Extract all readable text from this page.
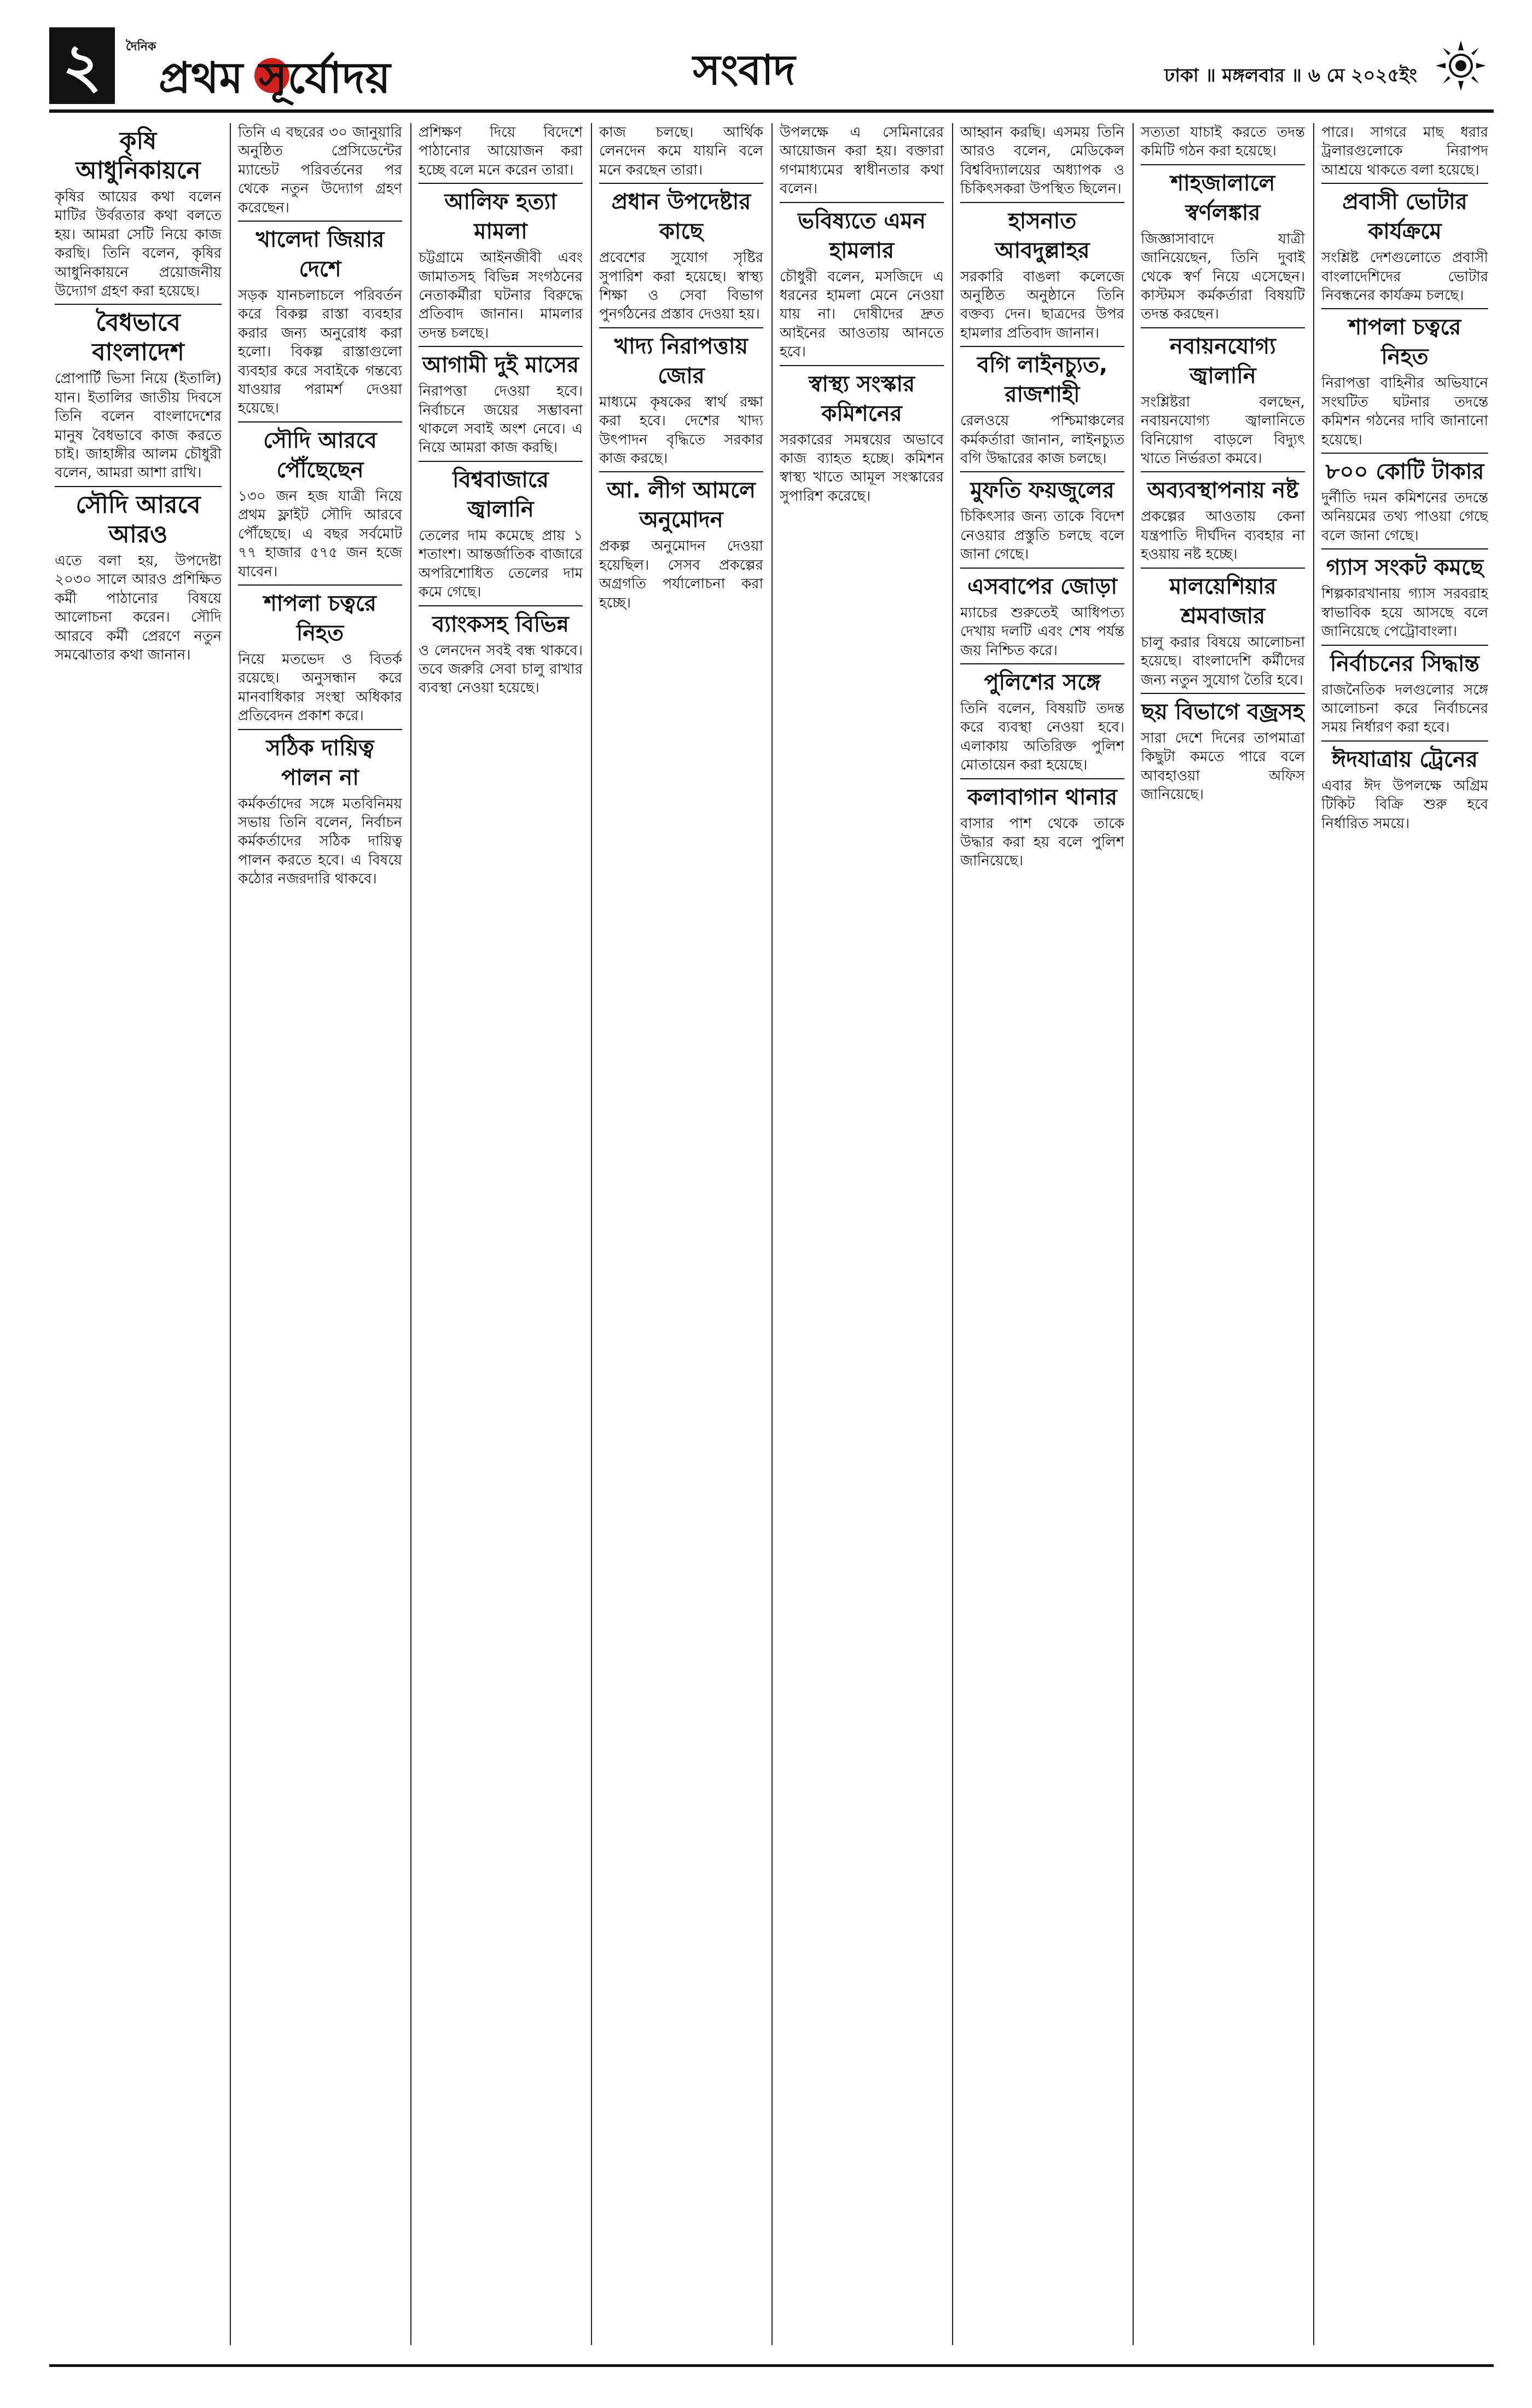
২	দৈনিক
প্রথম সূর্যোদয়	সংবাদ	ঢাকা ॥ মঙ্গলবার ॥ ৬ মে ২০২৫ইং
কৃষি আধুনিকায়নে

কৃষির আয়ের কথা বলেন মাটির উর্বরতার কথা বলতে হয়। আমরা সেটি নিয়ে কাজ করছি। তিনি বলেন, কৃষির আধুনিকায়নে প্রয়োজনীয় উদ্যোগ গ্রহণ করা হয়েছে।

বৈধভাবে বাংলাদেশ

প্রোপার্টি ভিসা নিয়ে (ইতালি) যান। ইতালির জাতীয় দিবসে তিনি বলেন বাংলাদেশের মানুষ বৈধভাবে কাজ করতে চাই। জাহাঙ্গীর আলম চৌধুরী বলেন, আমরা আশা রাখি।

সৌদি আরবে আরও

এতে বলা হয়, উপদেষ্টা ২০৩০ সালে আরও প্রশিক্ষিত কর্মী পাঠানোর বিষয়ে আলোচনা করেন। সৌদি আরবে কর্মী প্রেরণে নতুন সমঝোতার কথা জানান।

তিনি এ বছরের ৩০ জানুয়ারি অনুষ্ঠিত প্রেসিডেন্টের ম্যান্ডেট পরিবর্তনের পর থেকে নতুন উদ্যোগ গ্রহণ করেছেন।

খালেদা জিয়ার দেশে

সড়ক যানচলাচলে পরিবর্তন করে বিকল্প রাস্তা ব্যবহার করার জন্য অনুরোধ করা হলো। বিকল্প রাস্তাগুলো ব্যবহার করে সবাইকে গন্তব্যে যাওয়ার পরামর্শ দেওয়া হয়েছে।

সৌদি আরবে পৌঁছেছেন

১৩০ জন হজ যাত্রী নিয়ে প্রথম ফ্লাইট সৌদি আরবে পৌঁছেছে। এ বছর সর্বমোট ৭৭ হাজার ৫৭৫ জন হজে যাবেন।

শাপলা চত্বরে নিহত

নিয়ে মতভেদ ও বিতর্ক রয়েছে। অনুসন্ধান করে মানবাধিকার সংস্থা অধিকার প্রতিবেদন প্রকাশ করে।

সঠিক দায়িত্ব পালন না

কর্মকর্তাদের সঙ্গে মতবিনিময় সভায় তিনি বলেন, নির্বাচন কর্মকর্তাদের সঠিক দায়িত্ব পালন করতে হবে। এ বিষয়ে কঠোর নজরদারি থাকবে।

প্রশিক্ষণ দিয়ে বিদেশে পাঠানোর আয়োজন করা হচ্ছে বলে মনে করেন তারা।

আলিফ হত্যা মামলা

চট্টগ্রামে আইনজীবী এবং জামাতসহ বিভিন্ন সংগঠনের নেতাকর্মীরা ঘটনার বিরুদ্ধে প্রতিবাদ জানান। মামলার তদন্ত চলছে।

আগামী দুই মাসের

নিরাপত্তা দেওয়া হবে। নির্বাচনে জয়ের সম্ভাবনা থাকলে সবাই অংশ নেবে। এ নিয়ে আমরা কাজ করছি।

বিশ্ববাজারে জ্বালানি

তেলের দাম কমেছে প্রায় ১ শতাংশ। আন্তর্জাতিক বাজারে অপরিশোধিত তেলের দাম কমে গেছে।

ব্যাংকসহ বিভিন্ন

ও লেনদেন সবই বন্ধ থাকবে। তবে জরুরি সেবা চালু রাখার ব্যবস্থা নেওয়া হয়েছে।

কাজ চলছে। আর্থিক লেনদেন কমে যায়নি বলে মনে করছেন তারা।

প্রধান উপদেষ্টার কাছে

প্রবেশের সুযোগ সৃষ্টির সুপারিশ করা হয়েছে। স্বাস্থ্য শিক্ষা ও সেবা বিভাগ পুনর্গঠনের প্রস্তাব দেওয়া হয়।

খাদ্য নিরাপত্তায় জোর

মাধ্যমে কৃষকের স্বার্থ রক্ষা করা হবে। দেশের খাদ্য উৎপাদন বৃদ্ধিতে সরকার কাজ করছে।

আ. লীগ আমলে অনুমোদন

প্রকল্প অনুমোদন দেওয়া হয়েছিল। সেসব প্রকল্পের অগ্রগতি পর্যালোচনা করা হচ্ছে।

উপলক্ষে এ সেমিনারের আয়োজন করা হয়। বক্তারা গণমাধ্যমের স্বাধীনতার কথা বলেন।

ভবিষ্যতে এমন হামলার

চৌধুরী বলেন, মসজিদে এ ধরনের হামলা মেনে নেওয়া যায় না। দোষীদের দ্রুত আইনের আওতায় আনতে হবে।

স্বাস্থ্য সংস্কার কমিশনের

সরকারের সমন্বয়ের অভাবে কাজ ব্যাহত হচ্ছে। কমিশন স্বাস্থ্য খাতে আমূল সংস্কারের সুপারিশ করেছে।

আহ্বান করছি। এসময় তিনি আরও বলেন, মেডিকেল বিশ্ববিদ্যালয়ের অধ্যাপক ও চিকিৎসকরা উপস্থিত ছিলেন।

হাসনাত আবদুল্লাহর

সরকারি বাঙলা কলেজে অনুষ্ঠিত অনুষ্ঠানে তিনি বক্তব্য দেন। ছাত্রদের উপর হামলার প্রতিবাদ জানান।

বগি লাইনচ্যুত, রাজশাহী

রেলওয়ে পশ্চিমাঞ্চলের কর্মকর্তারা জানান, লাইনচ্যুত বগি উদ্ধারের কাজ চলছে।

মুফতি ফয়জুলের

চিকিৎসার জন্য তাকে বিদেশ নেওয়ার প্রস্তুতি চলছে বলে জানা গেছে।

এসবাপের জোড়া

ম্যাচের শুরুতেই আধিপত্য দেখায় দলটি এবং শেষ পর্যন্ত জয় নিশ্চিত করে।

পুলিশের সঙ্গে

তিনি বলেন, বিষয়টি তদন্ত করে ব্যবস্থা নেওয়া হবে। এলাকায় অতিরিক্ত পুলিশ মোতায়েন করা হয়েছে।

কলাবাগান থানার

বাসার পাশ থেকে তাকে উদ্ধার করা হয় বলে পুলিশ জানিয়েছে।

সত্যতা যাচাই করতে তদন্ত কমিটি গঠন করা হয়েছে।

শাহজালালে স্বর্ণলঙ্কার

জিজ্ঞাসাবাদে যাত্রী জানিয়েছেন, তিনি দুবাই থেকে স্বর্ণ নিয়ে এসেছেন। কাস্টমস কর্মকর্তারা বিষয়টি তদন্ত করছেন।

নবায়নযোগ্য জ্বালানি

সংশ্লিষ্টরা বলছেন, নবায়নযোগ্য জ্বালানিতে বিনিয়োগ বাড়লে বিদ্যুৎ খাতে নির্ভরতা কমবে।

অব্যবস্থাপনায় নষ্ট

প্রকল্পের আওতায় কেনা যন্ত্রপাতি দীর্ঘদিন ব্যবহার না হওয়ায় নষ্ট হচ্ছে।

মালয়েশিয়ার শ্রমবাজার

চালু করার বিষয়ে আলোচনা হয়েছে। বাংলাদেশি কর্মীদের জন্য নতুন সুযোগ তৈরি হবে।

ছয় বিভাগে বজ্রসহ

সারা দেশে দিনের তাপমাত্রা কিছুটা কমতে পারে বলে আবহাওয়া অফিস জানিয়েছে।

পারে। সাগরে মাছ ধরার ট্রলারগুলোকে নিরাপদ আশ্রয়ে থাকতে বলা হয়েছে।

প্রবাসী ভোটার কার্যক্রমে

সংশ্লিষ্ট দেশগুলোতে প্রবাসী বাংলাদেশিদের ভোটার নিবন্ধনের কার্যক্রম চলছে।

শাপলা চত্বরে নিহত

নিরাপত্তা বাহিনীর অভিযানে সংঘটিত ঘটনার তদন্তে কমিশন গঠনের দাবি জানানো হয়েছে।

৮০০ কোটি টাকার

দুর্নীতি দমন কমিশনের তদন্তে অনিয়মের তথ্য পাওয়া গেছে বলে জানা গেছে।

গ্যাস সংকট কমছে

শিল্পকারখানায় গ্যাস সরবরাহ স্বাভাবিক হয়ে আসছে বলে জানিয়েছে পেট্রোবাংলা।

নির্বাচনের সিদ্ধান্ত

রাজনৈতিক দলগুলোর সঙ্গে আলোচনা করে নির্বাচনের সময় নির্ধারণ করা হবে।

ঈদযাত্রায় ট্রেনের

এবার ঈদ উপলক্ষে অগ্রিম টিকিট বিক্রি শুরু হবে নির্ধারিত সময়ে।
